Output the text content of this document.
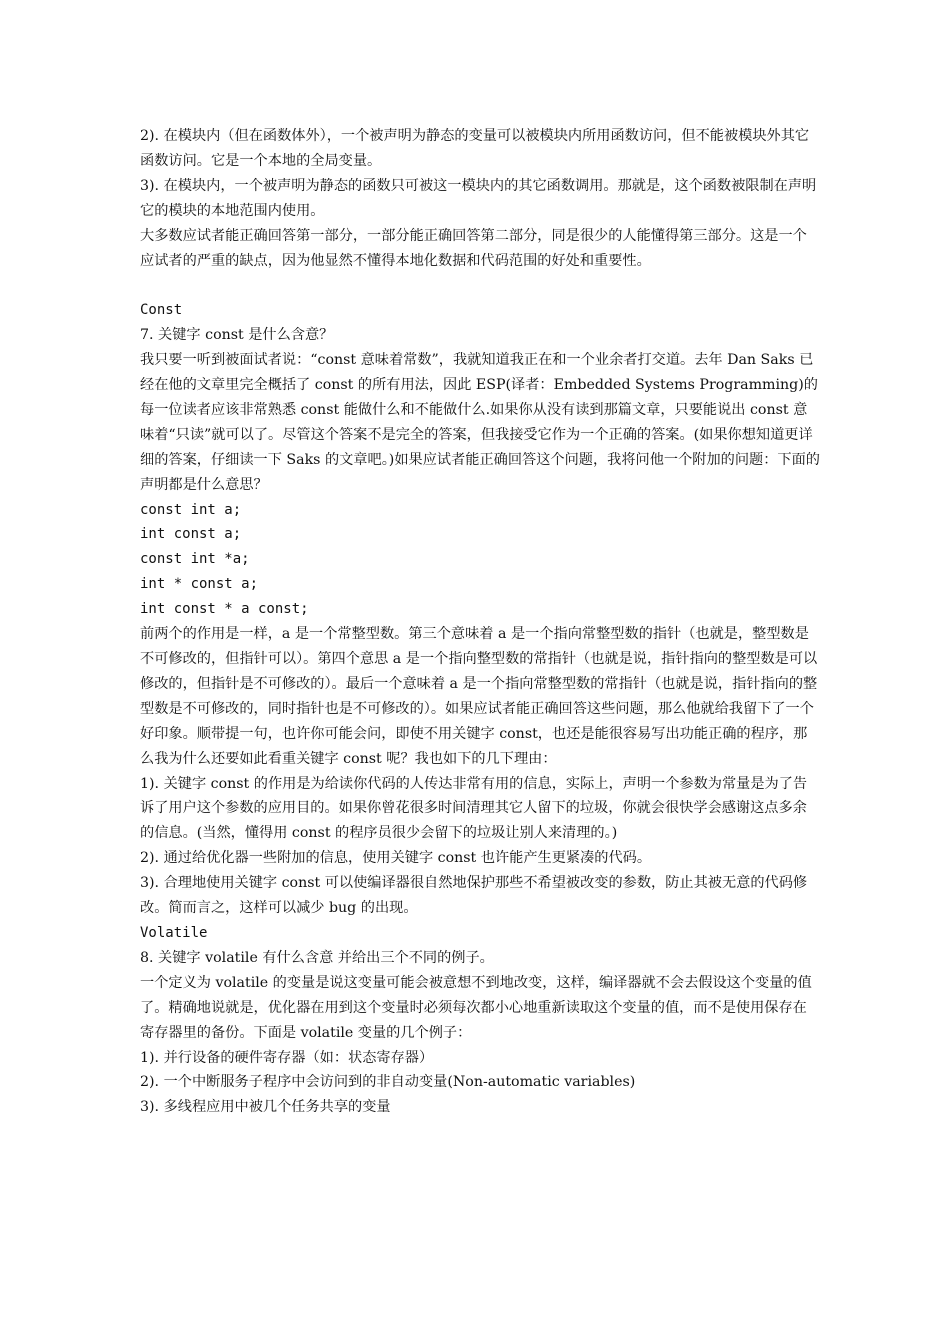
2). 在模块内（但在函数体外），一个被声明为静态的变量可以被模块内所用函数访问，但不能被模块外其它函数访问。它是一个本地的全局变量。

3). 在模块内，一个被声明为静态的函数只可被这一模块内的其它函数调用。那就是，这个函数被限制在声明它的模块的本地范围内使用。

大多数应试者能正确回答第一部分，一部分能正确回答第二部分，同是很少的人能懂得第三部分。这是一个应试者的严重的缺点，因为他显然不懂得本地化数据和代码范围的好处和重要性。

Const

7. 关键字 const 是什么含意？

我只要一听到被面试者说：“const 意味着常数”，我就知道我正在和一个业余者打交道。去年 Dan Saks 已经在他的文章里完全概括了 const 的所有用法，因此 ESP(译者：Embedded Systems Programming)的每一位读者应该非常熟悉 const 能做什么和不能做什么.如果你从没有读到那篇文章，只要能说出 const 意味着“只读”就可以了。尽管这个答案不是完全的答案，但我接受它作为一个正确的答案。(如果你想知道更详细的答案，仔细读一下 Saks 的文章吧。)如果应试者能正确回答这个问题，我将问他一个附加的问题：下面的声明都是什么意思？

const int a;

int const a;

const int *a;

int * const a;

int const * a const;

前两个的作用是一样，a 是一个常整型数。第三个意味着 a 是一个指向常整型数的指针（也就是，整型数是不可修改的，但指针可以）。第四个意思 a 是一个指向整型数的常指针（也就是说，指针指向的整型数是可以修改的，但指针是不可修改的）。最后一个意味着 a 是一个指向常整型数的常指针（也就是说，指针指向的整型数是不可修改的，同时指针也是不可修改的）。如果应试者能正确回答这些问题，那么他就给我留下了一个好印象。顺带提一句，也许你可能会问，即使不用关键字 const，也还是能很容易写出功能正确的程序，那么我为什么还要如此看重关键字 const 呢？我也如下的几下理由：

1). 关键字 const 的作用是为给读你代码的人传达非常有用的信息，实际上，声明一个参数为常量是为了告诉了用户这个参数的应用目的。如果你曾花很多时间清理其它人留下的垃圾，你就会很快学会感谢这点多余的信息。(当然，懂得用 const 的程序员很少会留下的垃圾让别人来清理的。)

2). 通过给优化器一些附加的信息，使用关键字 const 也许能产生更紧凑的代码。

3). 合理地使用关键字 const 可以使编译器很自然地保护那些不希望被改变的参数，防止其被无意的代码修改。简而言之，这样可以减少 bug 的出现。

Volatile

8. 关键字 volatile 有什么含意 并给出三个不同的例子。

一个定义为 volatile 的变量是说这变量可能会被意想不到地改变，这样，编译器就不会去假设这个变量的值了。精确地说就是，优化器在用到这个变量时必须每次都小心地重新读取这个变量的值，而不是使用保存在寄存器里的备份。下面是 volatile 变量的几个例子：

1). 并行设备的硬件寄存器（如：状态寄存器）

2). 一个中断服务子程序中会访问到的非自动变量(Non-automatic variables)

3). 多线程应用中被几个任务共享的变量
